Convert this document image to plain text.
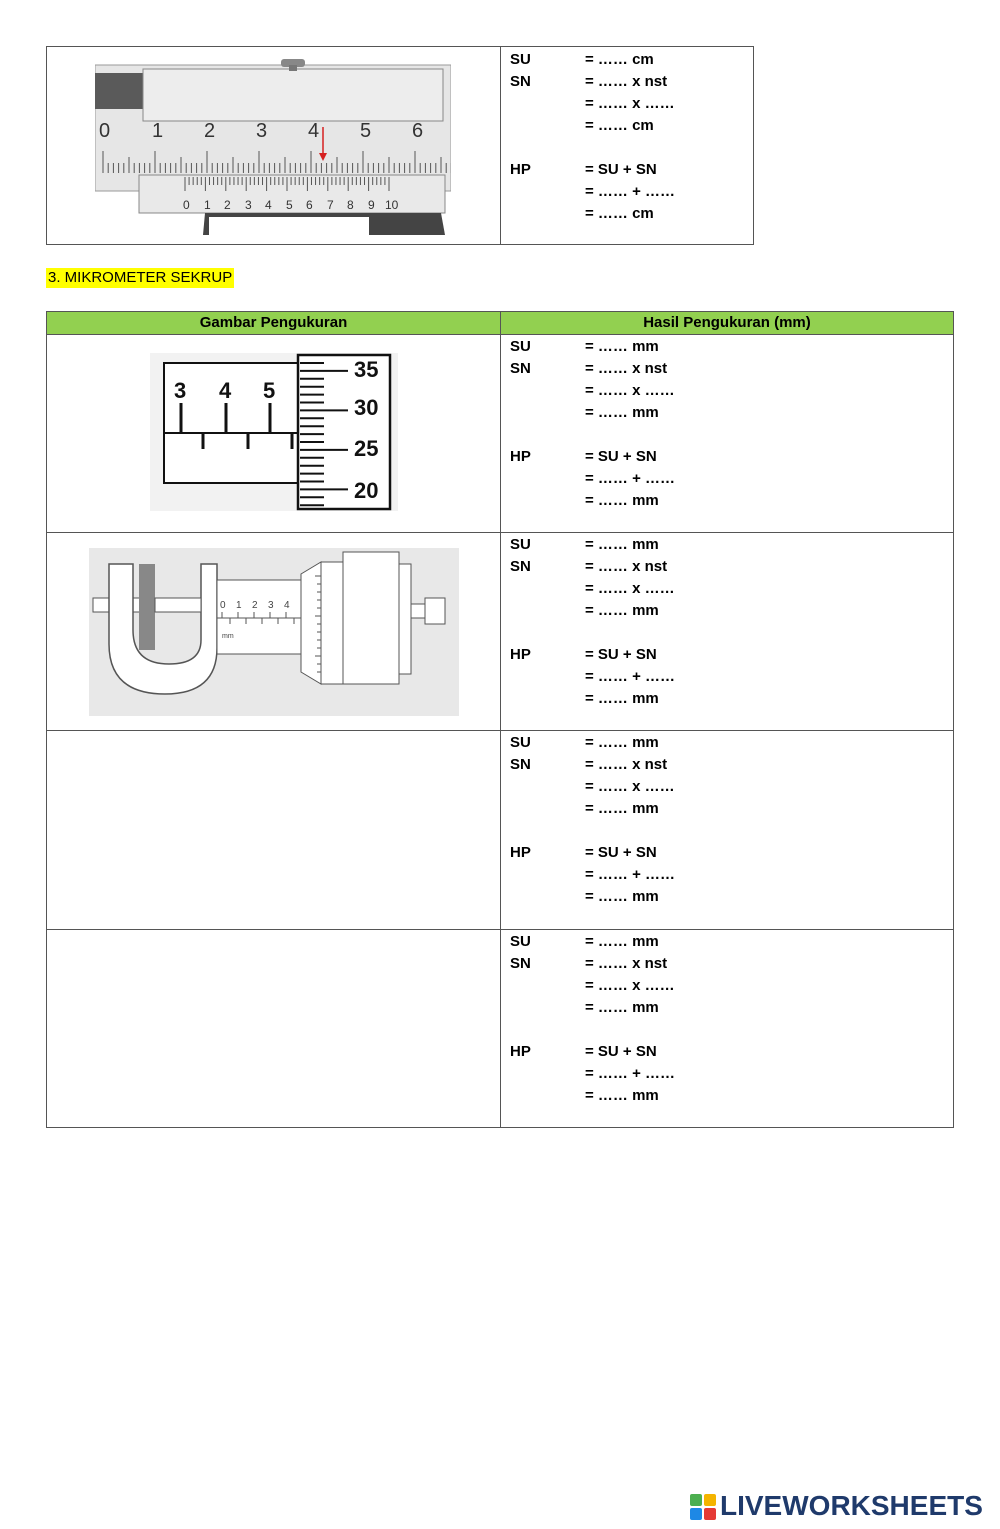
0 1 2 3 4 5 6
0 1 2 3 4 5 6 7 8 9 10
SU	= …… cm
SN	= …… x nst
= …… x ……
= …… cm
HP	= SU + SN
= …… + ……
= …… cm
3. MIKROMETER SEKRUP
Gambar Pengukuran	Hasil Pengukuran (mm)
3 4 5
35
30
25
20
0 1 2 3 4
mm
SU	= …… mm
SN	= …… x nst
= …… x ……
= …… mm
HP	= SU + SN
= …… + ……
= …… mm
SU	= …… mm
SN	= …… x nst
= …… x ……
= …… mm
HP	= SU + SN
= …… + ……
= …… mm
SU	= …… mm
SN	= …… x nst
= …… x ……
= …… mm
HP	= SU + SN
= …… + ……
= …… mm
SU	= …… mm
SN	= …… x nst
= …… x ……
= …… mm
HP	= SU + SN
= …… + ……
= …… mm
LIVEWORKSHEETS
